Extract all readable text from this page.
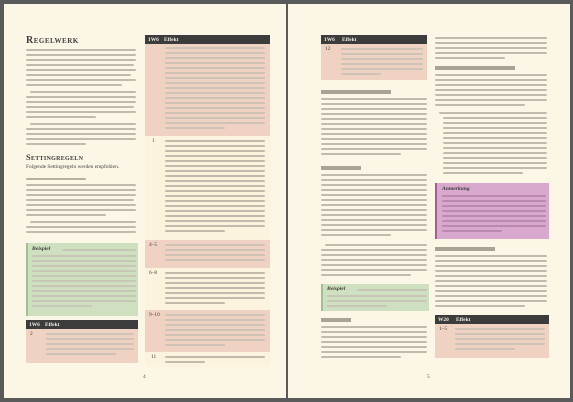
Regelwerk
Settingregeln
Folgende Settingregeln werden empfohlen.
Beispiel
1W6 Effekt
2
1W6 Effekt
1
4–5
6–8
9–10
11
4
1W6	Effekt
12
Beispiel
Anmerkung
W20	Effekt
1–5
5
